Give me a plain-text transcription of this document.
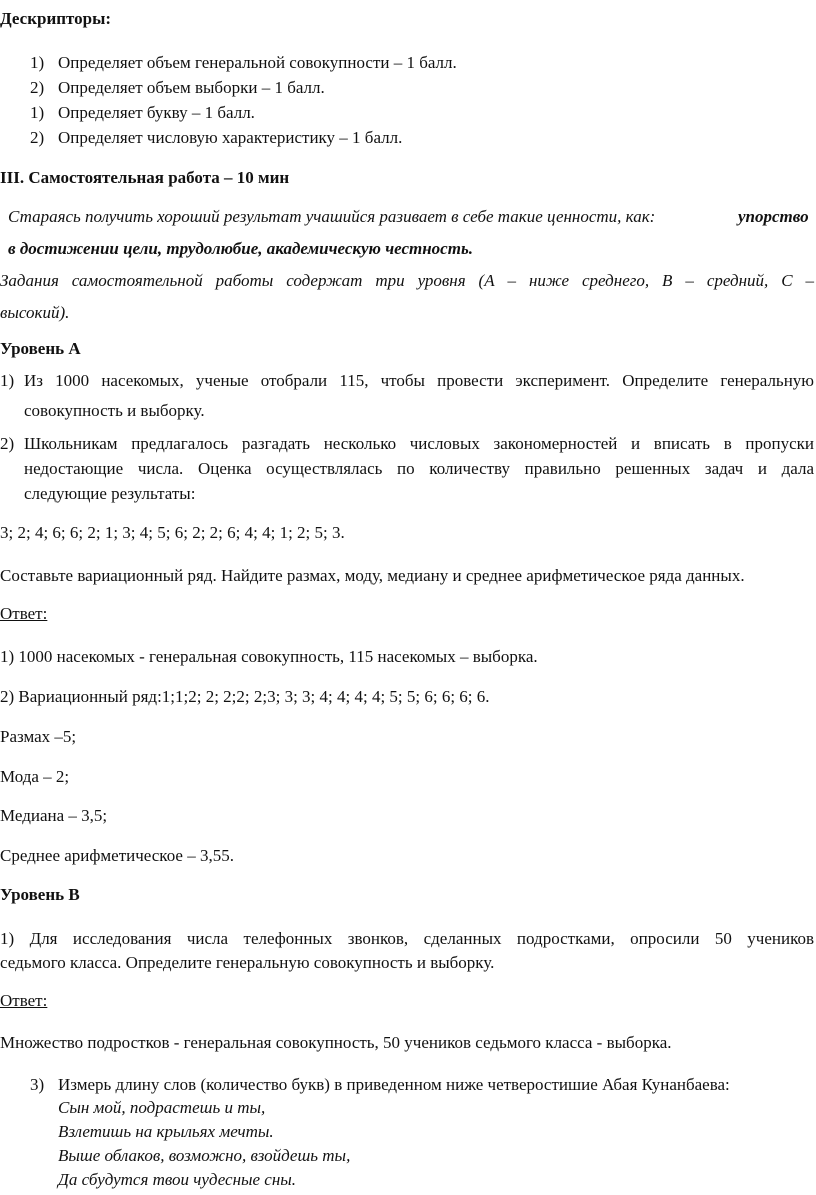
Дескрипторы:
1) Определяет объем генеральной совокупности – 1 балл.
2) Определяет объем выборки – 1 балл.
1) Определяет букву – 1 балл.
2) Определяет числовую характеристику – 1 балл.
III. Самостоятельная работа – 10 мин
Стараясь получить хороший результат учашийся разивает в себе такие ценности, как:	упорство
в достижении цели, трудолюбие, академическую честность.
Задания самостоятельной работы содержат три уровня (А – ниже среднего, В – средний, С –
высокий).
Уровень А
1) Из 1000 насекомых, ученые отобрали 115, чтобы провести эксперимент. Определите генеральную
совокупность и выборку.
2) Школьникам предлагалось разгадать несколько числовых закономерностей и вписать в пропуски
недостающие числа. Оценка осуществлялась по количеству правильно решенных задач и дала
следующие результаты:
3; 2; 4; 6; 6; 2; 1; 3; 4; 5; 6; 2; 2; 6; 4; 4; 1; 2; 5; 3.
Составьте вариационный ряд. Найдите размах, моду, медиану и среднее арифметическое ряда данных.
Ответ:
1) 1000 насекомых - генеральная совокупность, 115 насекомых – выборка.
2) Вариационный ряд:1;1;2; 2; 2;2; 2;3; 3; 3; 4; 4; 4; 4; 5; 5; 6; 6; 6; 6.
Размах –5;
Мода – 2;
Медиана – 3,5;
Среднее арифметическое – 3,55.
Уровень В
1) Для исследования числа телефонных звонков, сделанных подростками, опросили 50 учеников
седьмого класса. Определите генеральную совокупность и выборку.
Ответ:
Множество подростков - генеральная совокупность, 50 учеников седьмого класса - выборка.
3) Измерь длину слов (количество букв) в приведенном ниже четверостишие Абая Кунанбаева:
Сын мой, подрастешь и ты,
Взлетишь на крыльях мечты.
Выше облаков, возможно, взойдешь ты,
Да сбудутся твои чудесные сны.
